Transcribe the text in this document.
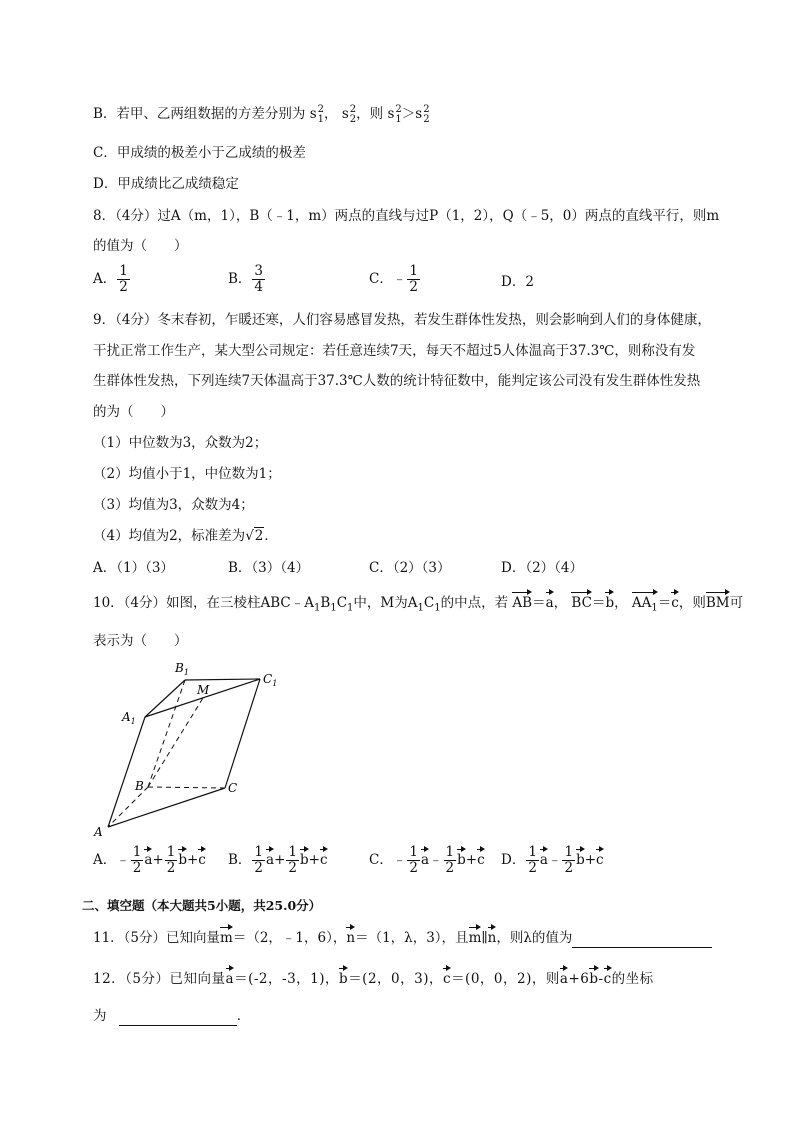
B．若甲、乙两组数据的方差分别为 s 2
1 ， s 2
2 ，则 s 2
1 ＞s 2
2
C．甲成绩的极差小于乙成绩的极差
D．甲成绩比乙成绩稳定
8．（4分）过A（m，1），B（﹣1，m）两点的直线与过P（1，2），Q（﹣5，0）两点的直线平行，则m
的值为（　　）
A． $\frac{1}{2}$	B． $\frac{3}{4}$	C．﹣ $\frac{1}{2}$	D．2
9．（4分）冬末春初，乍暖还寒，人们容易感冒发热，若发生群体性发热，则会影响到人们的身体健康，
干扰正常工作生产，某大型公司规定：若任意连续7天，每天不超过5人体温高于37.3℃，则称没有发
生群体性发热，下列连续7天体温高于37.3℃人数的统计特征数中，能判定该公司没有发生群体性发热
的为（　　）
（1）中位数为3，众数为2；
（2）均值小于1，中位数为1；
（3）均值为3，众数为4；
（4）均值为2，标准差为√2．
A．（1）（3）	B．（3）（4）	C．（2）（3）	D．（2）（4）
10．（4分）如图，在三棱柱$ABC﹣A_1B_1C_1$中，M为$A_1C_1$的中点，若 AB＝a， BC＝b， $AA_1=c$，则BM可
表示为（　　）
$B_1$
M
$C_1$
$A_1$
B	C
A
A．﹣ $\frac{1}{2} a+ \frac{1}{2} b+c$ B． $\frac{1}{2} a+ \frac{1}{2} b+c$	C．﹣ $\frac{1}{2}$ a﹣ $\frac{1}{2} b+c$ D． $\frac{1}{2}$ a﹣ $\frac{1}{2} b+c$
二、填空题（本大题共5小题，共25.0分）
11．（5分）已知向量m＝（2，﹣1，6），n＝（1，λ，3），且m∥n，则λ的值为
12．（5分）已知向量a＝(-2，-3，1)，b＝(2，0，3)，c＝(0，0，2)，则a+6b-c的坐标
为	．
